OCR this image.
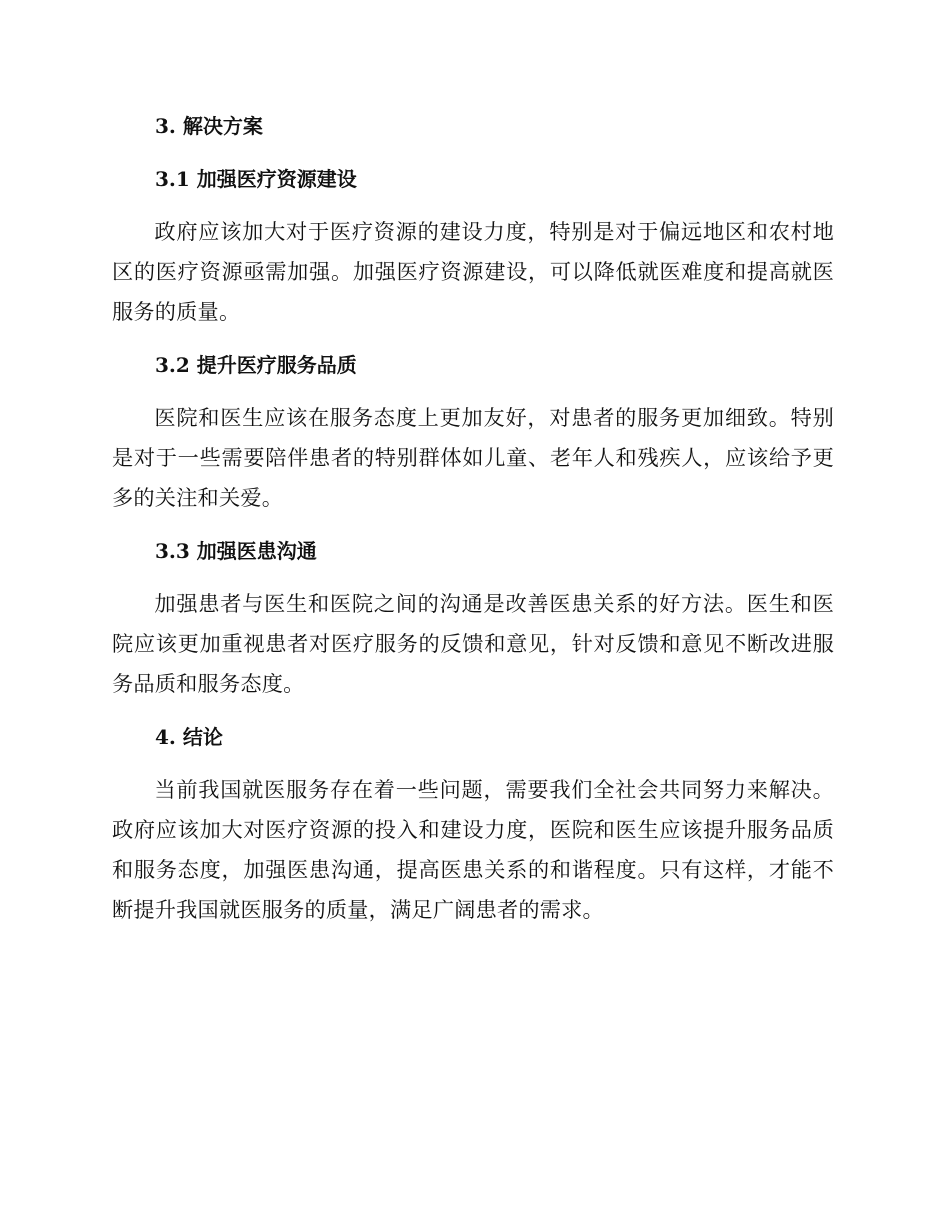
3. 解决方案
3.1 加强医疗资源建设

政府应该加大对于医疗资源的建设力度，特别是对于偏远地区和农村地区的医疗资源亟需加强。加强医疗资源建设，可以降低就医难度和提高就医服务的质量。

3.2 提升医疗服务品质

医院和医生应该在服务态度上更加友好，对患者的服务更加细致。特别是对于一些需要陪伴患者的特别群体如儿童、老年人和残疾人，应该给予更多的关注和关爱。

3.3 加强医患沟通

加强患者与医生和医院之间的沟通是改善医患关系的好方法。医生和医院应该更加重视患者对医疗服务的反馈和意见，针对反馈和意见不断改进服务品质和服务态度。

4. 结论

当前我国就医服务存在着一些问题，需要我们全社会共同努力来解决。政府应该加大对医疗资源的投入和建设力度，医院和医生应该提升服务品质和服务态度，加强医患沟通，提高医患关系的和谐程度。只有这样，才能不断提升我国就医服务的质量，满足广阔患者的需求。
